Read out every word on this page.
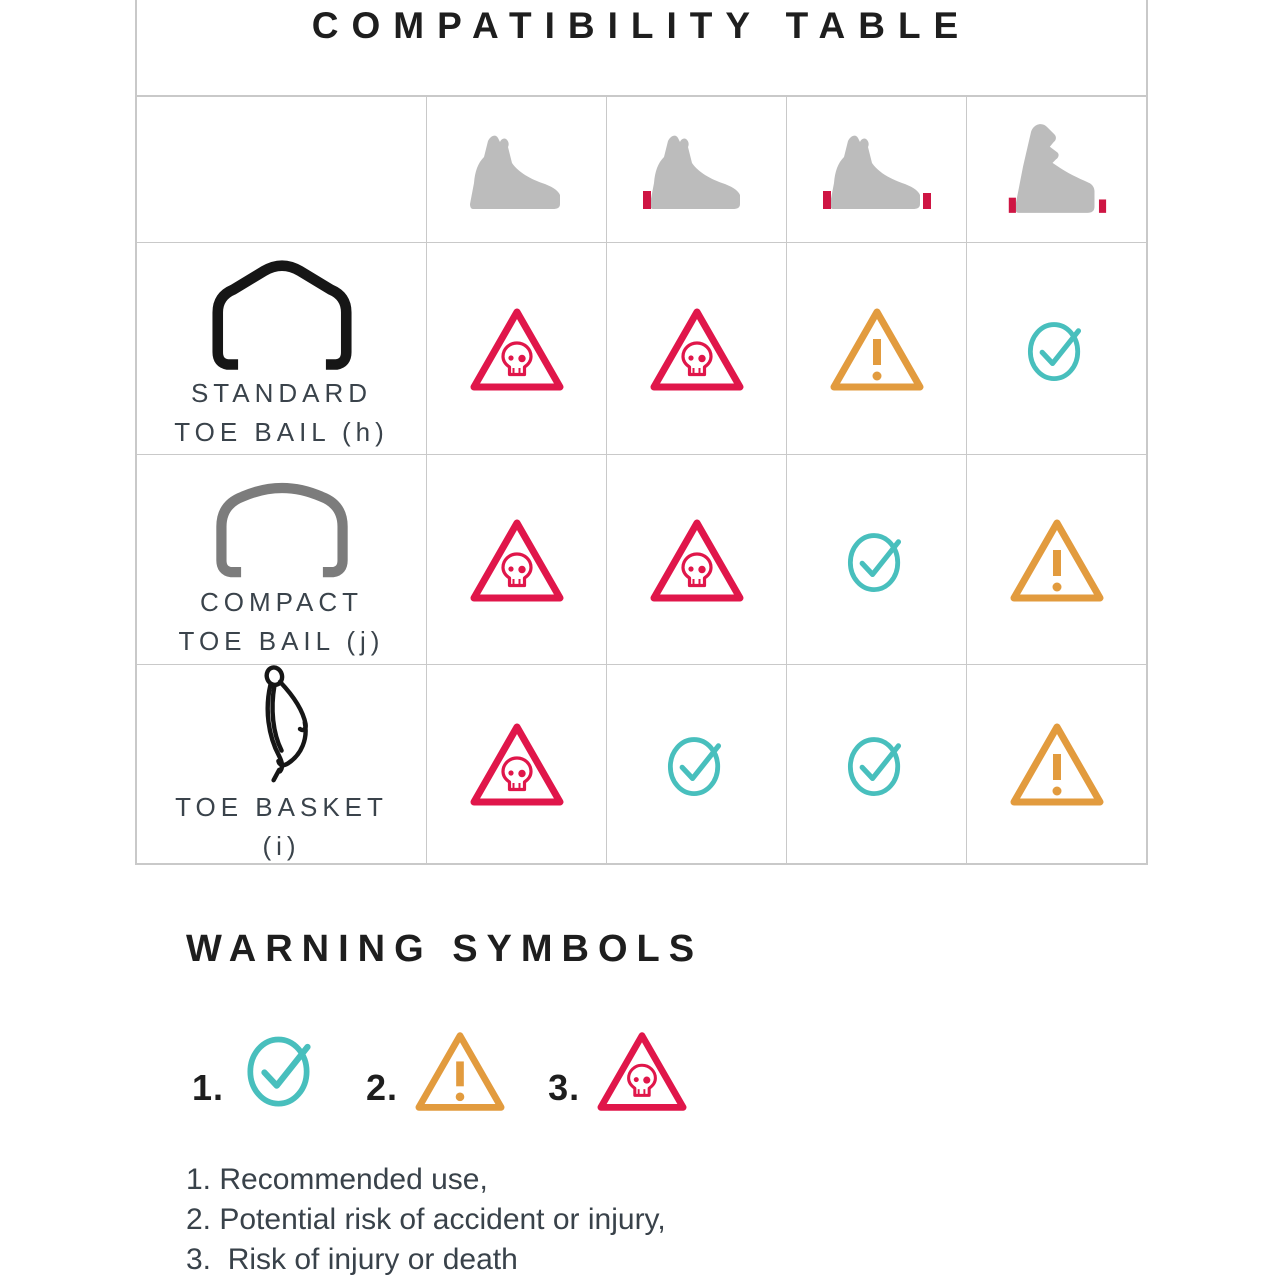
COMPATIBILITY TABLE
STANDARD
TOE BAIL (h)
COMPACT
TOE BAIL (j)
TOE BASKET
(i)
WARNING SYMBOLS
1.	2.	3.
1. Recommended use,
2. Potential risk of accident or injury,
3.  Risk of injury or death
